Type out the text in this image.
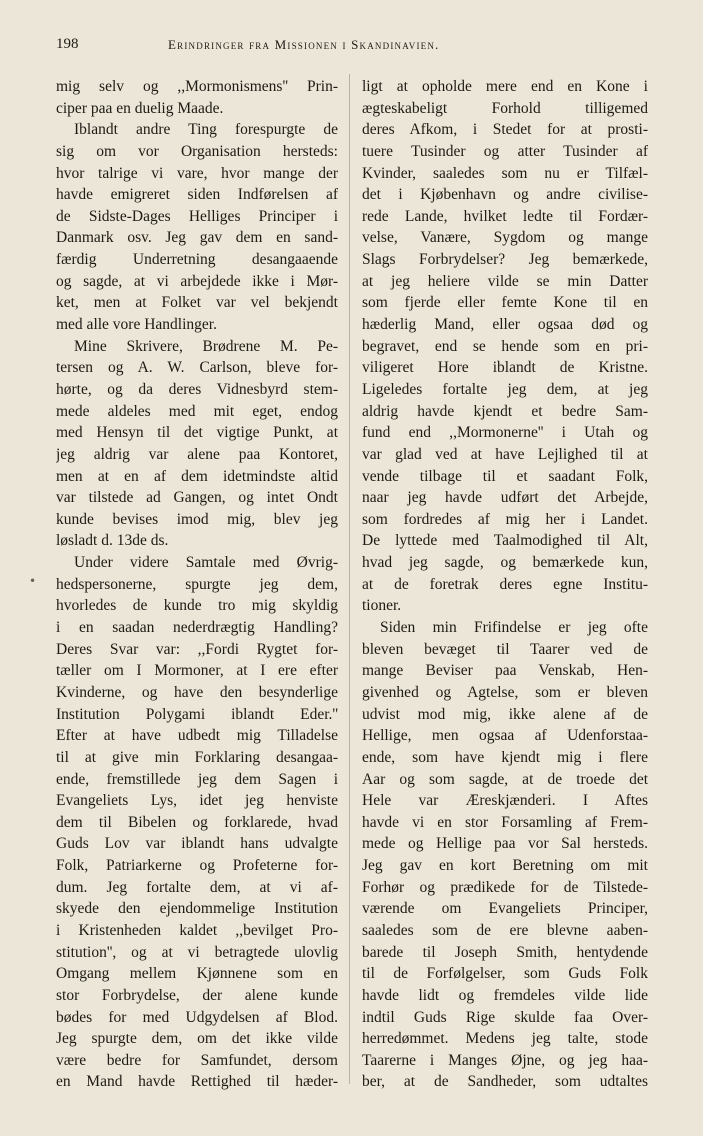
198	Erindringer fra Missionen i Skandinavien.
•
mig selv og ,,Mormonismens'' Prin-
ciper paa en duelig Maade.
Iblandt andre Ting forespurgte de
sig om vor Organisation hersteds:
hvor talrige vi vare, hvor mange der
havde emigreret siden Indførelsen af
de Sidste-Dages Helliges Principer i
Danmark osv. Jeg gav dem en sand-
færdig Underretning desangaaende
og sagde, at vi arbejdede ikke i Mør-
ket, men at Folket var vel bekjendt
med alle vore Handlinger.
Mine Skrivere, Brødrene M. Pe-
tersen og A. W. Carlson, bleve for-
hørte, og da deres Vidnesbyrd stem-
mede aldeles med mit eget, endog
med Hensyn til det vigtige Punkt, at
jeg aldrig var alene paa Kontoret,
men at en af dem idetmindste altid
var tilstede ad Gangen, og intet Ondt
kunde bevises imod mig, blev jeg
løsladt d. 13de ds.
Under videre Samtale med Øvrig-
hedspersonerne, spurgte jeg dem,
hvorledes de kunde tro mig skyldig
i en saadan nederdrægtig Handling?
Deres Svar var: ,,Fordi Rygtet for-
tæller om I Mormoner, at I ere efter
Kvinderne, og have den besynderlige
Institution Polygami iblandt Eder.''
Efter at have udbedt mig Tilladelse
til at give min Forklaring desangaa-
ende, fremstillede jeg dem Sagen i
Evangeliets Lys, idet jeg henviste
dem til Bibelen og forklarede, hvad
Guds Lov var iblandt hans udvalgte
Folk, Patriarkerne og Profeterne for-
dum. Jeg fortalte dem, at vi af-
skyede den ejendommelige Institution
i Kristenheden kaldet ,,bevilget Pro-
stitution'', og at vi betragtede ulovlig
Omgang mellem Kjønnene som en
stor Forbrydelse, der alene kunde
bødes for med Udgydelsen af Blod.
Jeg spurgte dem, om det ikke vilde
være bedre for Samfundet, dersom
en Mand havde Rettighed til hæder-
ligt at opholde mere end en Kone i
ægteskabeligt Forhold tilligemed
deres Afkom, i Stedet for at prosti-
tuere Tusinder og atter Tusinder af
Kvinder, saaledes som nu er Tilfæl-
det i Kjøbenhavn og andre civilise-
rede Lande, hvilket ledte til Fordær-
velse, Vanære, Sygdom og mange
Slags Forbrydelser? Jeg bemærkede,
at jeg heliere vilde se min Datter
som fjerde eller femte Kone til en
hæderlig Mand, eller ogsaa død og
begravet, end se hende som en pri-
viligeret Hore iblandt de Kristne.
Ligeledes fortalte jeg dem, at jeg
aldrig havde kjendt et bedre Sam-
fund end ,,Mormonerne'' i Utah og
var glad ved at have Lejlighed til at
vende tilbage til et saadant Folk,
naar jeg havde udført det Arbejde,
som fordredes af mig her i Landet.
De lyttede med Taalmodighed til Alt,
hvad jeg sagde, og bemærkede kun,
at de foretrak deres egne Institu-
tioner.
Siden min Frifindelse er jeg ofte
bleven bevæget til Taarer ved de
mange Beviser paa Venskab, Hen-
givenhed og Agtelse, som er bleven
udvist mod mig, ikke alene af de
Hellige, men ogsaa af Udenforstaa-
ende, som have kjendt mig i flere
Aar og som sagde, at de troede det
Hele var Æreskjænderi. I Aftes
havde vi en stor Forsamling af Frem-
mede og Hellige paa vor Sal hersteds.
Jeg gav en kort Beretning om mit
Forhør og prædikede for de Tilstede-
værende om Evangeliets Principer,
saaledes som de ere blevne aaben-
barede til Joseph Smith, hentydende
til de Forfølgelser, som Guds Folk
havde lidt og fremdeles vilde lide
indtil Guds Rige skulde faa Over-
herredømmet. Medens jeg talte, stode
Taarerne i Manges Øjne, og jeg haa-
ber, at de Sandheder, som udtaltes
